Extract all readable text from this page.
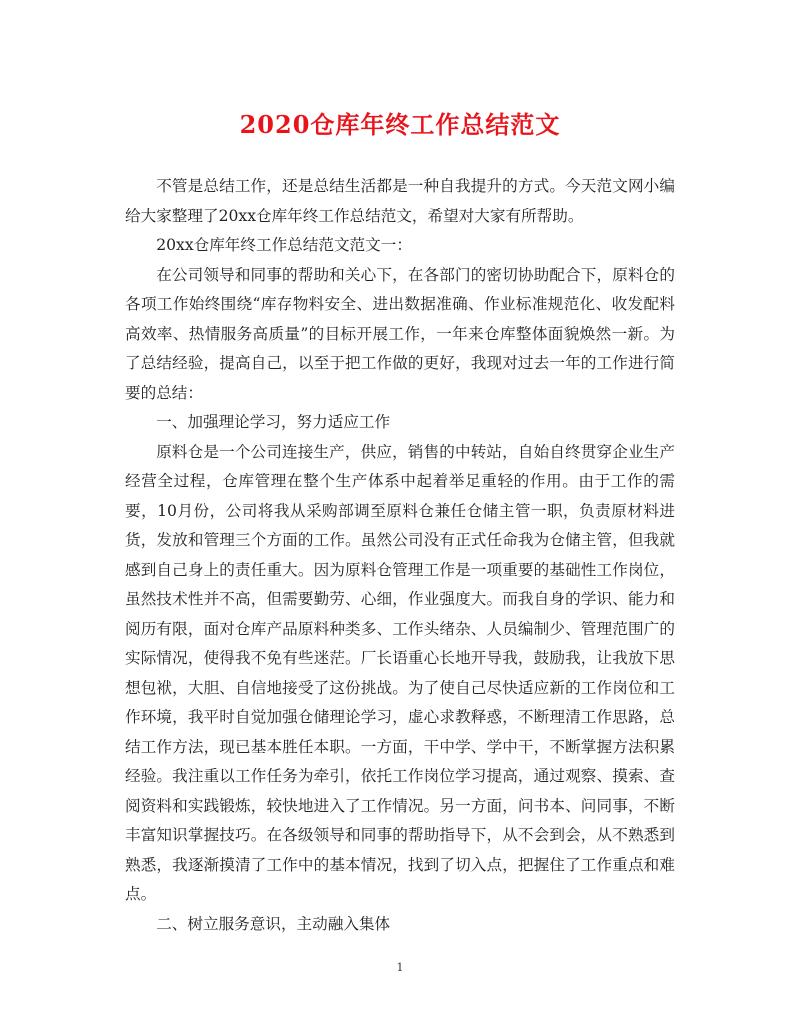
2020仓库年终工作总结范文

不管是总结工作，还是总结生活都是一种自我提升的方式。今天范文网小编给大家整理了20xx仓库年终工作总结范文，希望对大家有所帮助。

20xx仓库年终工作总结范文范文一：

在公司领导和同事的帮助和关心下，在各部门的密切协助配合下，原料仓的各项工作始终围绕“库存物料安全、进出数据准确、作业标准规范化、收发配料高效率、热情服务高质量”的目标开展工作，一年来仓库整体面貌焕然一新。为了总结经验，提高自己，以至于把工作做的更好，我现对过去一年的工作进行简要的总结：

一、加强理论学习，努力适应工作

原料仓是一个公司连接生产，供应，销售的中转站，自始自终贯穿企业生产经营全过程，仓库管理在整个生产体系中起着举足重轻的作用。由于工作的需要，10月份，公司将我从采购部调至原料仓兼任仓储主管一职，负责原材料进货，发放和管理三个方面的工作。虽然公司没有正式任命我为仓储主管，但我就感到自己身上的责任重大。因为原料仓管理工作是一项重要的基础性工作岗位，虽然技术性并不高，但需要勤劳、心细，作业强度大。而我自身的学识、能力和阅历有限，面对仓库产品原料种类多、工作头绪杂、人员编制少、管理范围广的实际情况，使得我不免有些迷茫。厂长语重心长地开导我，鼓励我，让我放下思想包袱，大胆、自信地接受了这份挑战。为了使自己尽快适应新的工作岗位和工作环境，我平时自觉加强仓储理论学习，虚心求教释惑，不断理清工作思路，总结工作方法，现已基本胜任本职。一方面，干中学、学中干，不断掌握方法积累经验。我注重以工作任务为牵引，依托工作岗位学习提高，通过观察、摸索、查阅资料和实践锻炼，较快地进入了工作情况。另一方面，问书本、问同事，不断丰富知识掌握技巧。在各级领导和同事的帮助指导下，从不会到会，从不熟悉到熟悉，我逐渐摸清了工作中的基本情况，找到了切入点，把握住了工作重点和难点。

二、树立服务意识，主动融入集体

1
